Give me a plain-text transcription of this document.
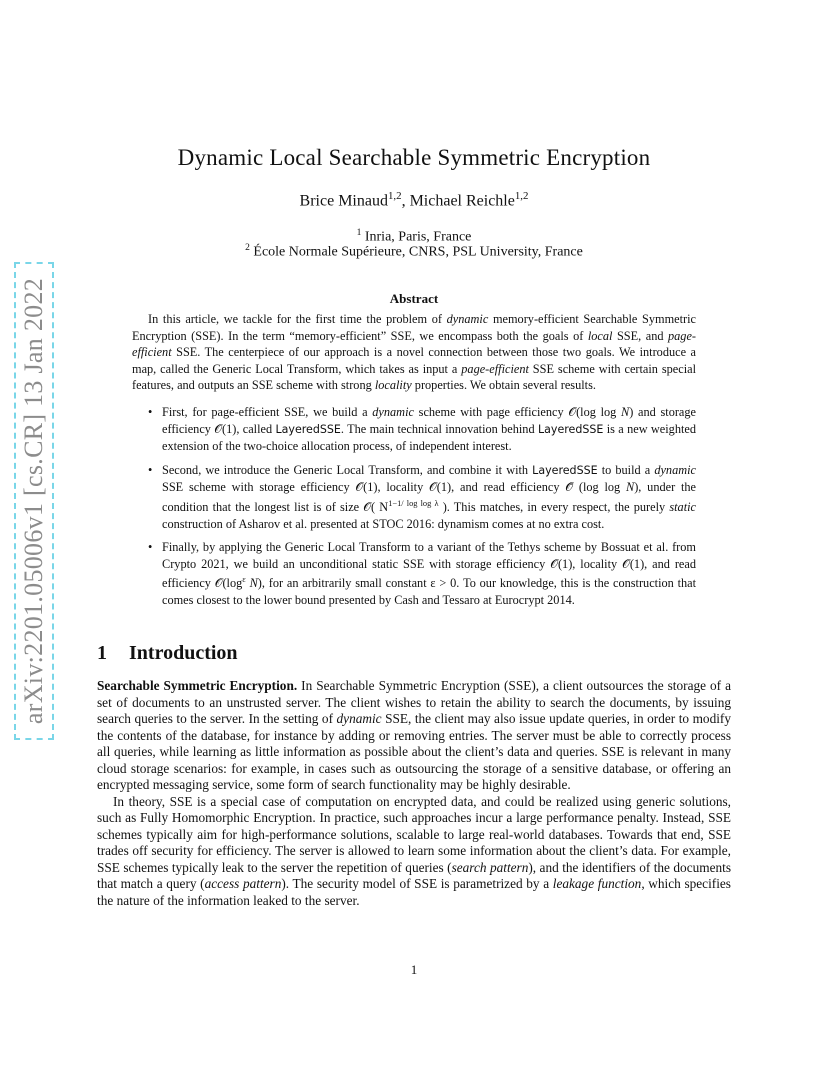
arXiv:2201.05006v1 [cs.CR] 13 Jan 2022
Dynamic Local Searchable Symmetric Encryption
Brice Minaud$^{1,2}$, Michael Reichle$^{1,2}$
$^1$ Inria, Paris, France
$^2$ École Normale Supérieure, CNRS, PSL University, France
Abstract

In this article, we tackle for the first time the problem of dynamic memory-efficient Searchable Symmetric Encryption (SSE). In the term “memory-efficient” SSE, we encompass both the goals of local SSE, and page-efficient SSE. The centerpiece of our approach is a novel connection between those two goals. We introduce a map, called the Generic Local Transform, which takes as input a page-efficient SSE scheme with certain special features, and outputs an SSE scheme with strong locality properties. We obtain several results.

• First, for page-efficient SSE, we build a dynamic scheme with page efficiency 𝒪(log log N) and storage efficiency 𝒪(1), called LayeredSSE. The main technical innovation behind LayeredSSE is a new weighted extension of the two-choice allocation process, of independent interest.
• Second, we introduce the Generic Local Transform, and combine it with LayeredSSE to build a dynamic SSE scheme with storage efficiency 𝒪(1), locality 𝒪(1), and read efficiency 𝒪̃ (log log N), under the condition that the longest list is of size 𝒪( $N^{1-1/ log log \lambda}$ ). This matches, in every respect, the purely static construction of Asharov et al. presented at STOC 2016: dynamism comes at no extra cost.
• Finally, by applying the Generic Local Transform to a variant of the Tethys scheme by Bossuat et al. from Crypto 2021, we build an unconditional static SSE with storage efficiency 𝒪(1), locality 𝒪(1), and read efficiency $𝒪(\log^\varepsilon$ N), for an arbitrarily small constant ε > 0. To our knowledge, this is the construction that comes closest to the lower bound presented by Cash and Tessaro at Eurocrypt 2014.
1 Introduction

Searchable Symmetric Encryption. In Searchable Symmetric Encryption (SSE), a client outsources the storage of a set of documents to an unstrusted server. The client wishes to retain the ability to search the documents, by issuing search queries to the server. In the setting of dynamic SSE, the client may also issue update queries, in order to modify the contents of the database, for instance by adding or removing entries. The server must be able to correctly process all queries, while learning as little information as possible about the client’s data and queries. SSE is relevant in many cloud storage scenarios: for example, in cases such as outsourcing the storage of a sensitive database, or offering an encrypted messaging service, some form of search functionality may be highly desirable.

In theory, SSE is a special case of computation on encrypted data, and could be realized using generic solutions, such as Fully Homomorphic Encryption. In practice, such approaches incur a large performance penalty. Instead, SSE schemes typically aim for high-performance solutions, scalable to large real-world databases. Towards that end, SSE trades off security for efficiency. The server is allowed to learn some information about the client’s data. For example, SSE schemes typically leak to the server the repetition of queries (search pattern), and the identifiers of the documents that match a query (access pattern). The security model of SSE is parametrized by a leakage function, which specifies the nature of the information leaked to the server.

1
